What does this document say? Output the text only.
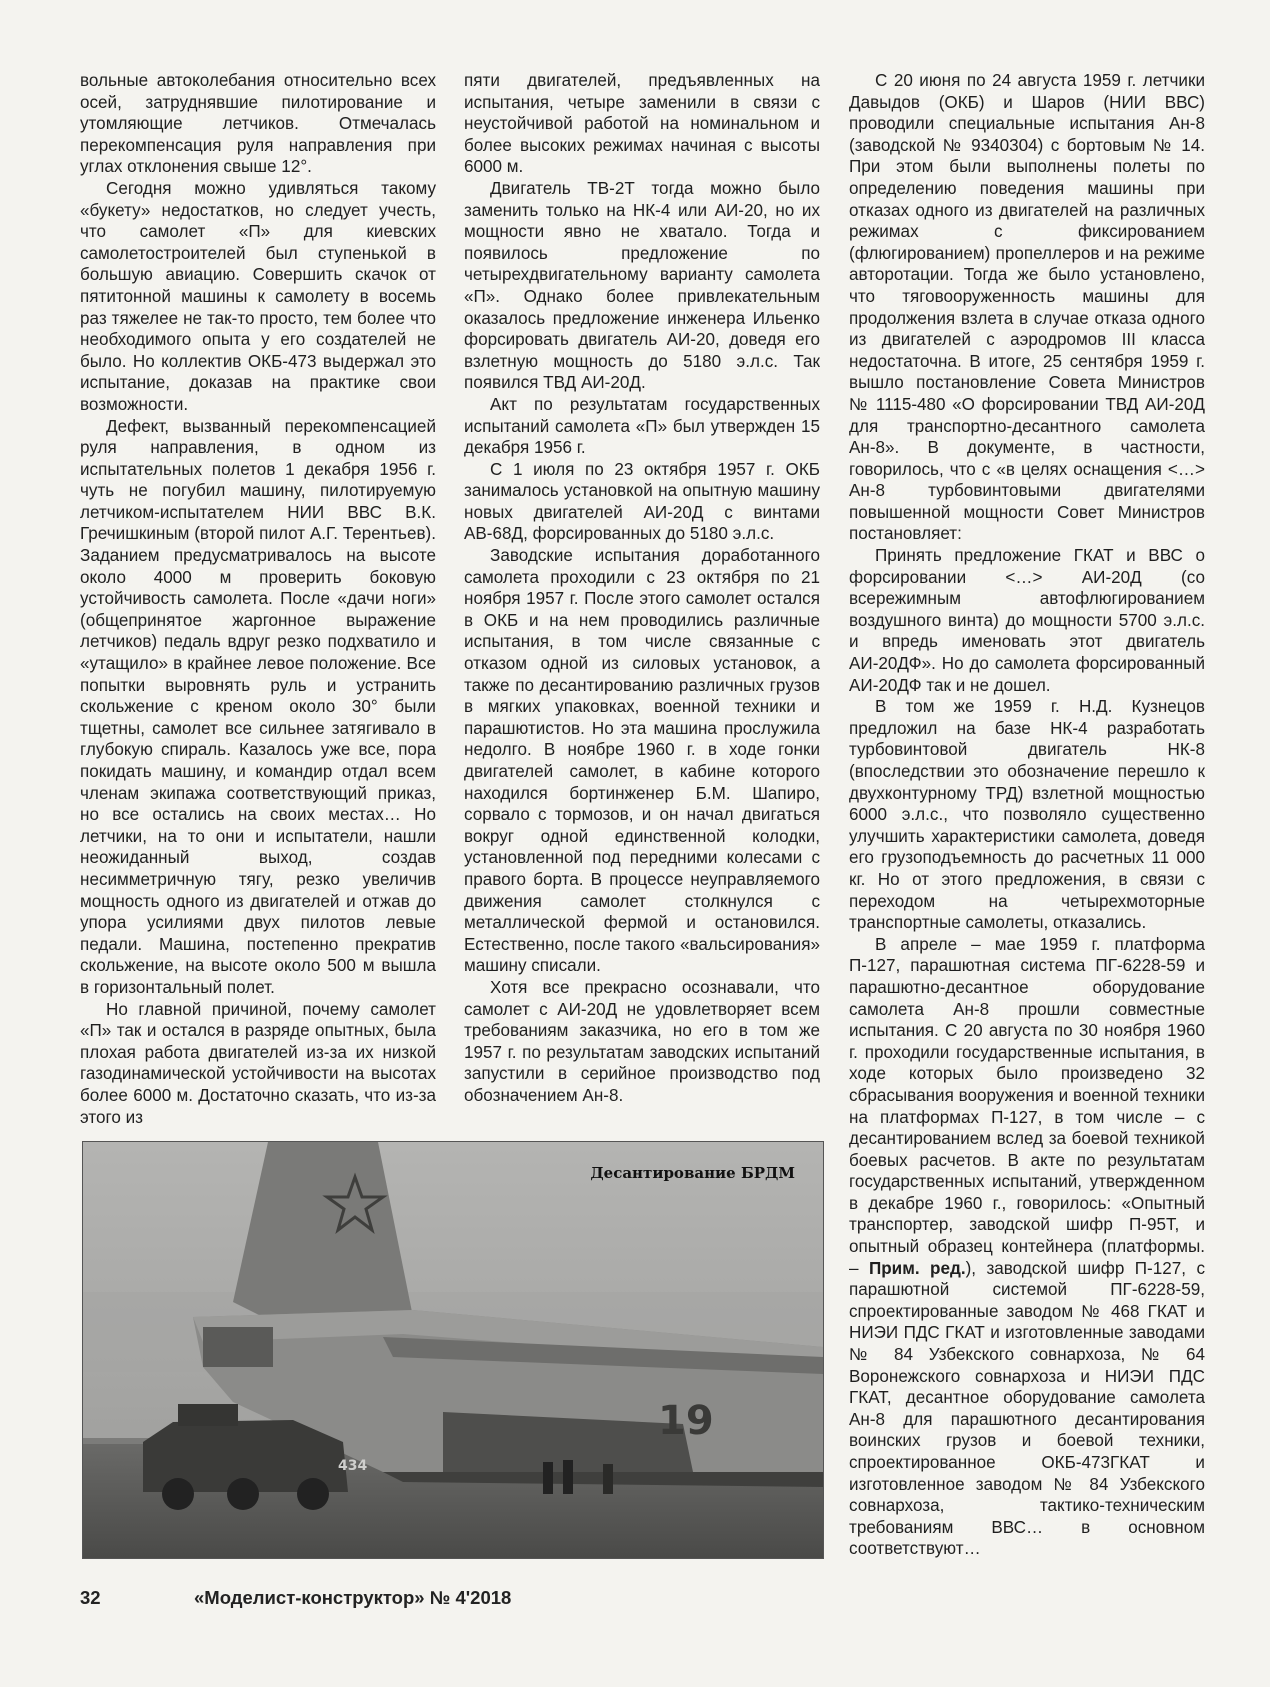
вольные автоколебания относительно всех осей, затруднявшие пилотирование и утомляющие летчиков. Отмечалась перекомпенсация руля направления при углах отклонения свыше 12°.

Сегодня можно удивляться такому «букету» недостатков, но следует учесть, что самолет «П» для киевских самолетостроителей был ступенькой в большую авиацию. Совершить скачок от пятитонной машины к самолету в восемь раз тяжелее не так-то просто, тем более что необходимого опыта у его создателей не было. Но коллектив ОКБ-473 выдержал это испытание, доказав на практике свои возможности.

Дефект, вызванный перекомпенсацией руля направления, в одном из испытательных полетов 1 декабря 1956 г. чуть не погубил машину, пилотируемую летчиком-испытателем НИИ ВВС В.К. Гречишкиным (второй пилот А.Г. Терентьев). Заданием предусматривалось на высоте около 4000 м проверить боковую устойчивость самолета. После «дачи ноги» (общепринятое жаргонное выражение летчиков) педаль вдруг резко подхватило и «утащило» в крайнее левое положение. Все попытки выровнять руль и устранить скольжение с креном около 30° были тщетны, самолет все сильнее затягивало в глубокую спираль. Казалось уже все, пора покидать машину, и командир отдал всем членам экипажа соответствующий приказ, но все остались на своих местах… Но летчики, на то они и испытатели, нашли неожиданный выход, создав несимметричную тягу, резко увеличив мощность одного из двигателей и отжав до упора усилиями двух пилотов левые педали. Машина, постепенно прекратив скольжение, на высоте около 500 м вышла в горизонтальный полет.

Но главной причиной, почему самолет «П» так и остался в разряде опытных, была плохая работа двигателей из-за их низкой газодинамической устойчивости на высотах более 6000 м. Достаточно сказать, что из-за этого из

пяти двигателей, предъявленных на испытания, четыре заменили в связи с неустойчивой работой на номинальном и более высоких режимах начиная с высоты 6000 м.

Двигатель ТВ-2Т тогда можно было заменить только на НК-4 или АИ-20, но их мощности явно не хватало. Тогда и появилось предложение по четырехдвигательному варианту самолета «П». Однако более привлекательным оказалось предложение инженера Ильенко форсировать двигатель АИ-20, доведя его взлетную мощность до 5180 э.л.с. Так появился ТВД АИ-20Д.

Акт по результатам государственных испытаний самолета «П» был утвержден 15 декабря 1956 г.

С 1 июля по 23 октября 1957 г. ОКБ занималось установкой на опытную машину новых двигателей АИ-20Д с винтами АВ-68Д, форсированных до 5180 э.л.с.

Заводские испытания доработанного самолета проходили с 23 октября по 21 ноября 1957 г. После этого самолет остался в ОКБ и на нем проводились различные испытания, в том числе связанные с отказом одной из силовых установок, а также по десантированию различных грузов в мягких упаковках, военной техники и парашютистов. Но эта машина прослужила недолго. В ноябре 1960 г. в ходе гонки двигателей самолет, в кабине которого находился бортинженер Б.М. Шапиро, сорвало с тормозов, и он начал двигаться вокруг одной единственной колодки, установленной под передними колесами с правого борта. В процессе неуправляемого движения самолет столкнулся с металлической фермой и остановился. Естественно, после такого «вальсирования» машину списали.

Хотя все прекрасно осознавали, что самолет с АИ-20Д не удовлетворяет всем требованиям заказчика, но его в том же 1957 г. по результатам заводских испытаний запустили в серийное производство под обозначением Ан-8.

С 20 июня по 24 августа 1959 г. летчики Давыдов (ОКБ) и Шаров (НИИ ВВС) проводили специальные испытания Ан-8 (заводской № 9340304) с бортовым № 14. При этом были выполнены полеты по определению поведения машины при отказах одного из двигателей на различных режимах с фиксированием (флюгированием) пропеллеров и на режиме авторотации. Тогда же было установлено, что тяговооруженность машины для продолжения взлета в случае отказа одного из двигателей с аэродромов III класса недостаточна. В итоге, 25 сентября 1959 г. вышло постановление Совета Министров № 1115-480 «О форсировании ТВД АИ-20Д для транспортно-десантного самолета Ан-8». В документе, в частности, говорилось, что с «в целях оснащения <…> Ан-8 турбовинтовыми двигателями повышенной мощности Совет Министров постановляет:

Принять предложение ГКАТ и ВВС о форсировании <…> АИ-20Д (со всережимным автофлюгированием воздушного винта) до мощности 5700 э.л.с. и впредь именовать этот двигатель АИ-20ДФ». Но до самолета форсированный АИ-20ДФ так и не дошел.

В том же 1959 г. Н.Д. Кузнецов предложил на базе НК-4 разработать турбовинтовой двигатель НК-8 (впоследствии это обозначение перешло к двухконтурному ТРД) взлетной мощностью 6000 э.л.с., что позволяло существенно улучшить характеристики самолета, доведя его грузоподъемность до расчетных 11 000 кг. Но от этого предложения, в связи с переходом на четырехмоторные транспортные самолеты, отказались.

В апреле – мае 1959 г. платформа П-127, парашютная система ПГ-6228-59 и парашютно-десантное оборудование самолета Ан-8 прошли совместные испытания. С 20 августа по 30 ноября 1960 г. проходили государственные испытания, в ходе которых было произведено 32 сбрасывания вооружения и военной техники на платформах П-127, в том числе – с десантированием вслед за боевой техникой боевых расчетов. В акте по результатам государственных испытаний, утвержденном в декабре 1960 г., говорилось: «Опытный транспортер, заводской шифр П-95Т, и опытный образец контейнера (платформы. – Прим. ред.), заводской шифр П-127, с парашютной системой ПГ-6228-59, спроектированные заводом № 468 ГКАТ и НИЭИ ПДС ГКАТ и изготовленные заводами № 84 Узбекского совнархоза, № 64 Воронежского совнархоза и НИЭИ ПДС ГКАТ, десантное оборудование самолета Ан-8 для парашютного десантирования воинских грузов и боевой техники, спроектированное ОКБ-473ГКАТ и изготовленное заводом № 84 Узбекского совнархоза, тактико-техническим требованиям ВВС… в основном соответствуют…

19
434
Десантирование БРДМ
32	«Моделист-конструктор» № 4'2018
